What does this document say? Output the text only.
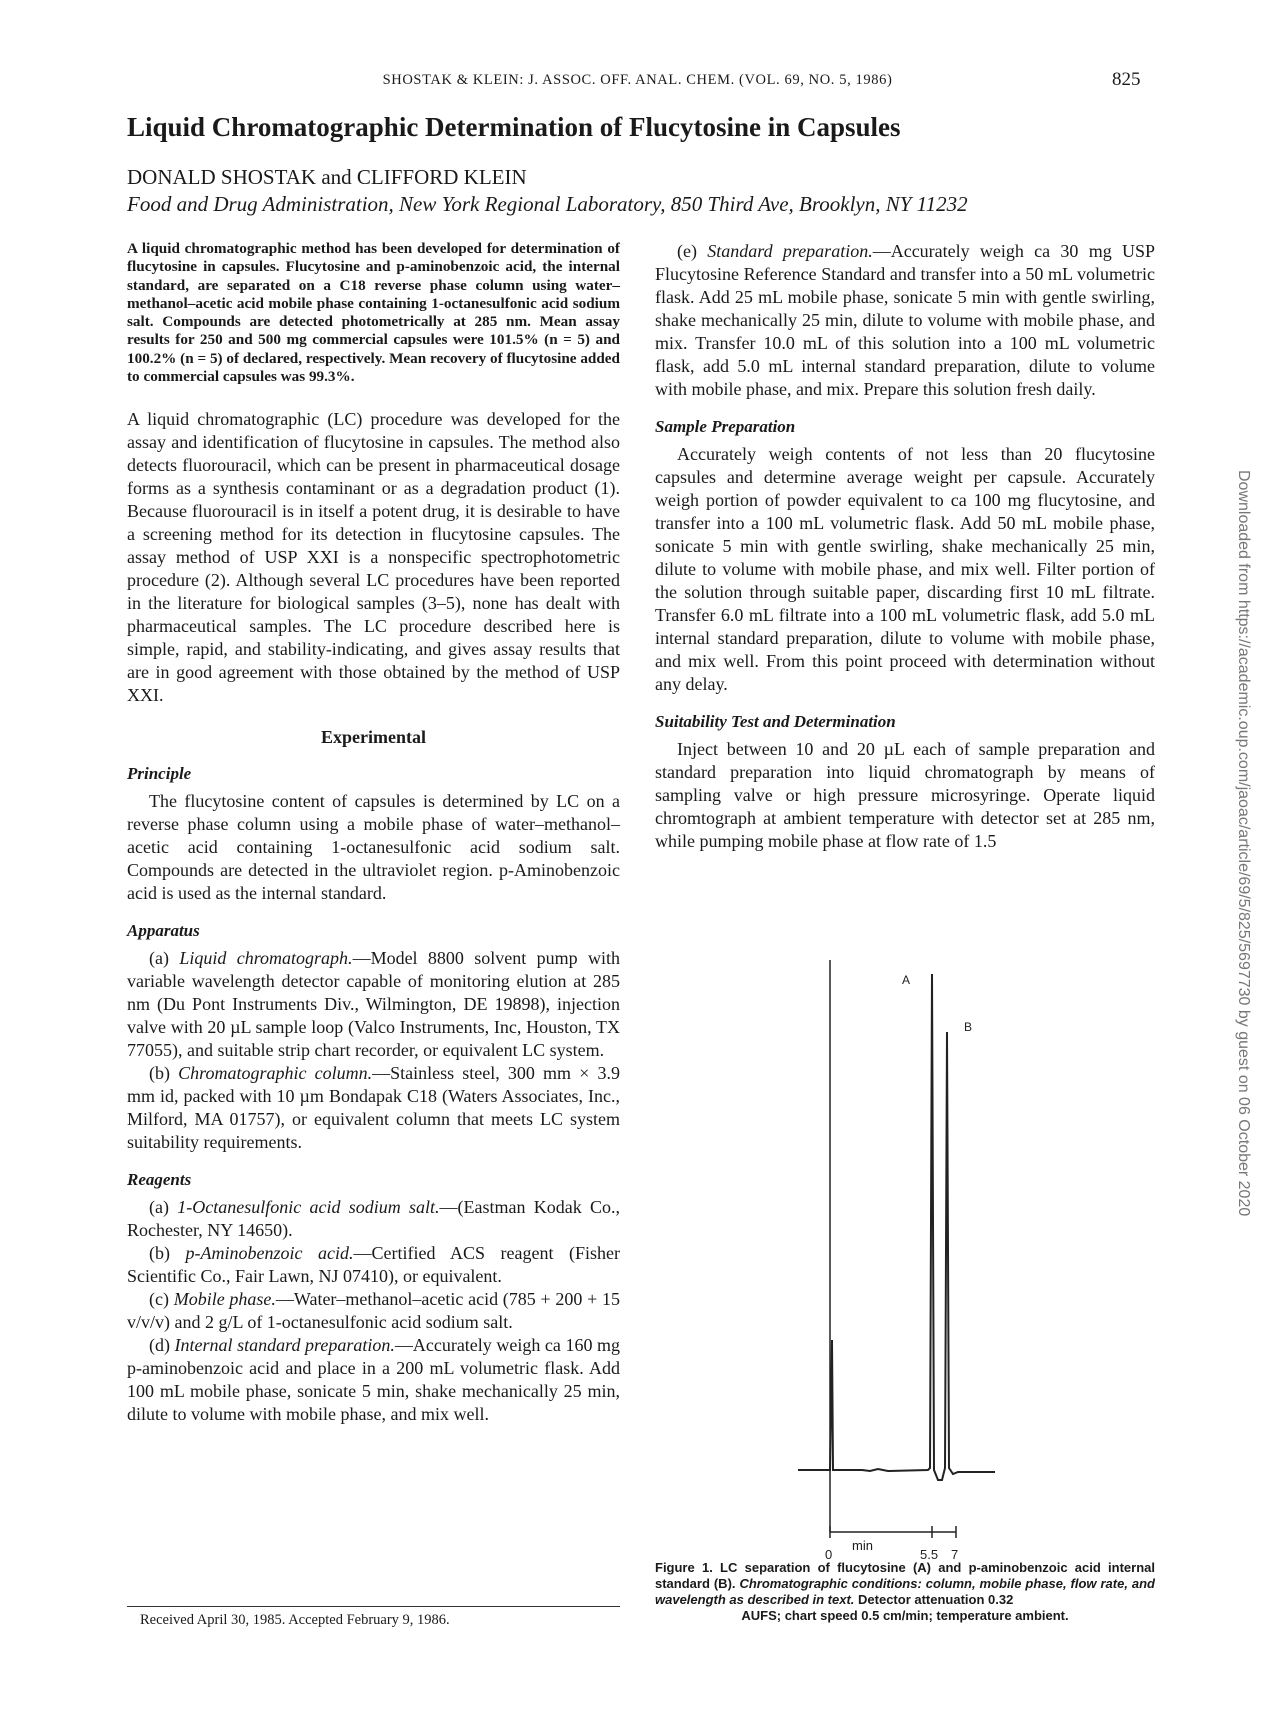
SHOSTAK & KLEIN: J. ASSOC. OFF. ANAL. CHEM. (VOL. 69, NO. 5, 1986)	825
Liquid Chromatographic Determination of Flucytosine in Capsules
DONALD SHOSTAK and CLIFFORD KLEIN
Food and Drug Administration, New York Regional Laboratory, 850 Third Ave, Brooklyn, NY 11232

A liquid chromatographic method has been developed for determination of flucytosine in capsules. Flucytosine and p-aminobenzoic acid, the internal standard, are separated on a C18 reverse phase column using water–methanol–acetic acid mobile phase containing 1-octanesulfonic acid sodium salt. Compounds are detected photometrically at 285 nm. Mean assay results for 250 and 500 mg commercial capsules were 101.5% (n = 5) and 100.2% (n = 5) of declared, respectively. Mean recovery of flucytosine added to commercial capsules was 99.3%.

A liquid chromatographic (LC) procedure was developed for the assay and identification of flucytosine in capsules. The method also detects fluorouracil, which can be present in pharmaceutical dosage forms as a synthesis contaminant or as a degradation product (1). Because fluorouracil is in itself a potent drug, it is desirable to have a screening method for its detection in flucytosine capsules. The assay method of USP XXI is a nonspecific spectrophotometric procedure (2). Although several LC procedures have been reported in the literature for biological samples (3–5), none has dealt with pharmaceutical samples. The LC procedure described here is simple, rapid, and stability-indicating, and gives assay results that are in good agreement with those obtained by the method of USP XXI.

Experimental
Principle

The flucytosine content of capsules is determined by LC on a reverse phase column using a mobile phase of water–methanol–acetic acid containing 1-octanesulfonic acid sodium salt. Compounds are detected in the ultraviolet region. p-Aminobenzoic acid is used as the internal standard.

Apparatus

(a) Liquid chromatograph.—Model 8800 solvent pump with variable wavelength detector capable of monitoring elution at 285 nm (Du Pont Instruments Div., Wilmington, DE 19898), injection valve with 20 µL sample loop (Valco Instruments, Inc, Houston, TX 77055), and suitable strip chart recorder, or equivalent LC system.

(b) Chromatographic column.—Stainless steel, 300 mm × 3.9 mm id, packed with 10 µm Bondapak C18 (Waters Associates, Inc., Milford, MA 01757), or equivalent column that meets LC system suitability requirements.

Reagents

(a) 1-Octanesulfonic acid sodium salt.—(Eastman Kodak Co., Rochester, NY 14650).

(b) p-Aminobenzoic acid.—Certified ACS reagent (Fisher Scientific Co., Fair Lawn, NJ 07410), or equivalent.

(c) Mobile phase.—Water–methanol–acetic acid (785 + 200 + 15 v/v/v) and 2 g/L of 1-octanesulfonic acid sodium salt.

(d) Internal standard preparation.—Accurately weigh ca 160 mg p-aminobenzoic acid and place in a 200 mL volumetric flask. Add 100 mL mobile phase, sonicate 5 min, shake mechanically 25 min, dilute to volume with mobile phase, and mix well.

(e) Standard preparation.—Accurately weigh ca 30 mg USP Flucytosine Reference Standard and transfer into a 50 mL volumetric flask. Add 25 mL mobile phase, sonicate 5 min with gentle swirling, shake mechanically 25 min, dilute to volume with mobile phase, and mix. Transfer 10.0 mL of this solution into a 100 mL volumetric flask, add 5.0 mL internal standard preparation, dilute to volume with mobile phase, and mix. Prepare this solution fresh daily.

Sample Preparation

Accurately weigh contents of not less than 20 flucytosine capsules and determine average weight per capsule. Accurately weigh portion of powder equivalent to ca 100 mg flucytosine, and transfer into a 100 mL volumetric flask. Add 50 mL mobile phase, sonicate 5 min with gentle swirling, shake mechanically 25 min, dilute to volume with mobile phase, and mix well. Filter portion of the solution through suitable paper, discarding first 10 mL filtrate. Transfer 6.0 mL filtrate into a 100 mL volumetric flask, add 5.0 mL internal standard preparation, dilute to volume with mobile phase, and mix well. From this point proceed with determination without any delay.

Suitability Test and Determination

Inject between 10 and 20 µL each of sample preparation and standard preparation into liquid chromatograph by means of sampling valve or high pressure microsyringe. Operate liquid chromtograph at ambient temperature with detector set at 285 nm, while pumping mobile phase at flow rate of 1.5

A
B
0	5.5 7
min
Figure 1. LC separation of flucytosine (A) and p-aminobenzoic acid internal standard (B). Chromatographic conditions: column, mobile phase, flow rate, and wavelength as described in text. Detector attenuation 0.32
AUFS; chart speed 0.5 cm/min; temperature ambient.
Received April 30, 1985. Accepted February 9, 1986.
Downloaded from https://academic.oup.com/jaoac/article/69/5/825/5697730 by guest on 06 October 2020
